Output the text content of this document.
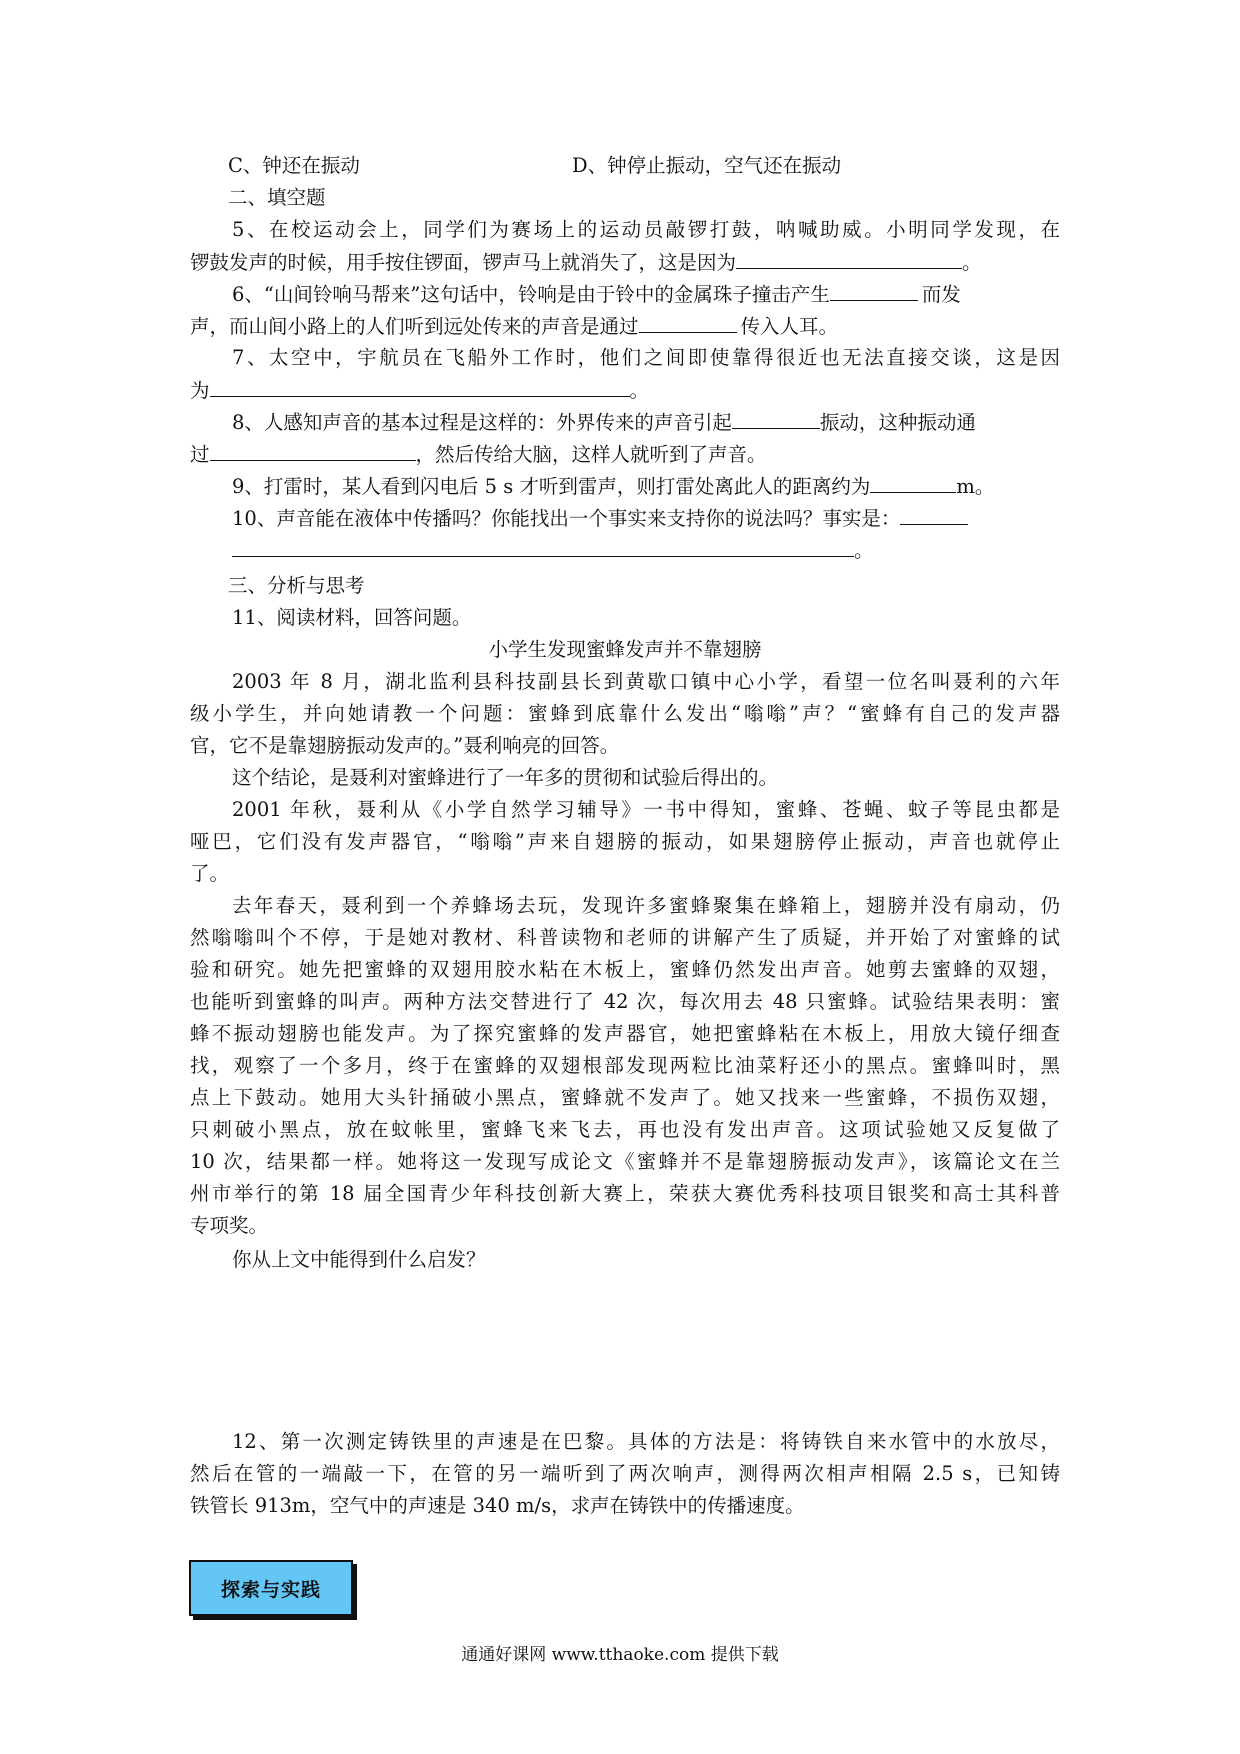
C、钟还在振动	D、钟停止振动，空气还在振动
二、填空题
5、在校运动会上，同学们为赛场上的运动员敲锣打鼓，呐喊助威。小明同学发现，在
锣鼓发声的时候，用手按住锣面，锣声马上就消失了，这是因为	。
6、“山间铃响马帮来”这句话中，铃响是由于铃中的金属珠子撞击产生	而发
声，而山间小路上的人们听到远处传来的声音是通过	传入人耳。
7、太空中，宇航员在飞船外工作时，他们之间即使靠得很近也无法直接交谈，这是因
为	。
8、人感知声音的基本过程是这样的：外界传来的声音引起	振动，这种振动通
过	，然后传给大脑，这样人就听到了声音。
9、打雷时，某人看到闪电后 5 s 才听到雷声，则打雷处离此人的距离约为	m。
10、声音能在液体中传播吗？你能找出一个事实来支持你的说法吗？事实是：
。
三、分析与思考
11、阅读材料，回答问题。
小学生发现蜜蜂发声并不靠翅膀
2003 年 8 月，湖北监利县科技副县长到黄歇口镇中心小学，看望一位名叫聂利的六年
级小学生，并向她请教一个问题：蜜蜂到底靠什么发出“嗡嗡”声？“蜜蜂有自己的发声器
官，它不是靠翅膀振动发声的。”聂利响亮的回答。
这个结论，是聂利对蜜蜂进行了一年多的贯彻和试验后得出的。
2001 年秋，聂利从《小学自然学习辅导》一书中得知，蜜蜂、苍蝇、蚊子等昆虫都是
哑巴，它们没有发声器官，“嗡嗡”声来自翅膀的振动，如果翅膀停止振动，声音也就停止
了。
去年春天，聂利到一个养蜂场去玩，发现许多蜜蜂聚集在蜂箱上，翅膀并没有扇动，仍
然嗡嗡叫个不停，于是她对教材、科普读物和老师的讲解产生了质疑，并开始了对蜜蜂的试
验和研究。她先把蜜蜂的双翅用胶水粘在木板上，蜜蜂仍然发出声音。她剪去蜜蜂的双翅，
也能听到蜜蜂的叫声。两种方法交替进行了 42 次，每次用去 48 只蜜蜂。试验结果表明：蜜
蜂不振动翅膀也能发声。为了探究蜜蜂的发声器官，她把蜜蜂粘在木板上，用放大镜仔细查
找，观察了一个多月，终于在蜜蜂的双翅根部发现两粒比油菜籽还小的黑点。蜜蜂叫时，黑
点上下鼓动。她用大头针捅破小黑点，蜜蜂就不发声了。她又找来一些蜜蜂，不损伤双翅，
只刺破小黑点，放在蚊帐里，蜜蜂飞来飞去，再也没有发出声音。这项试验她又反复做了
10 次，结果都一样。她将这一发现写成论文《蜜蜂并不是靠翅膀振动发声》，该篇论文在兰
州市举行的第 18 届全国青少年科技创新大赛上，荣获大赛优秀科技项目银奖和高士其科普
专项奖。
你从上文中能得到什么启发？
12、第一次测定铸铁里的声速是在巴黎。具体的方法是：将铸铁自来水管中的水放尽，
然后在管的一端敲一下，在管的另一端听到了两次响声，测得两次相声相隔 2.5 s，已知铸
铁管长 913m，空气中的声速是 340 m/s，求声在铸铁中的传播速度。
探索与实践
通通好课网 www.tthaoke.com 提供下载
